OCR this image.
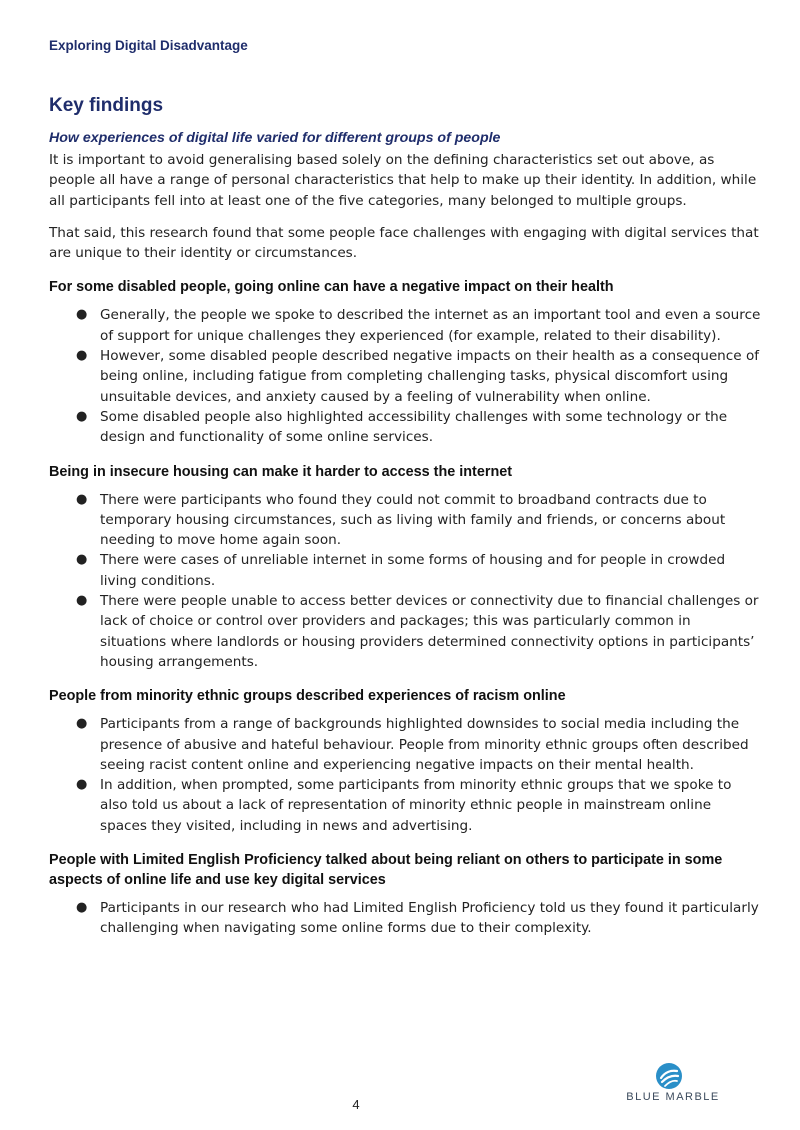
Exploring Digital Disadvantage
Key findings
How experiences of digital life varied for different groups of people

It is important to avoid generalising based solely on the defining characteristics set out above, as people all have a range of personal characteristics that help to make up their identity. In addition, while all participants fell into at least one of the five categories, many belonged to multiple groups.

That said, this research found that some people face challenges with engaging with digital services that are unique to their identity or circumstances.

For some disabled people, going online can have a negative impact on their health
● Generally, the people we spoke to described the internet as an important tool and even a source of support for unique challenges they experienced (for example, related to their disability).
● However, some disabled people described negative impacts on their health as a consequence of being online, including fatigue from completing challenging tasks, physical discomfort using unsuitable devices, and anxiety caused by a feeling of vulnerability when online.
● Some disabled people also highlighted accessibility challenges with some technology or the design and functionality of some online services.
Being in insecure housing can make it harder to access the internet
● There were participants who found they could not commit to broadband contracts due to temporary housing circumstances, such as living with family and friends, or concerns about needing to move home again soon.
● There were cases of unreliable internet in some forms of housing and for people in crowded living conditions.
● There were people unable to access better devices or connectivity due to financial challenges or lack of choice or control over providers and packages; this was particularly common in situations where landlords or housing providers determined connectivity options in participants’ housing arrangements.
People from minority ethnic groups described experiences of racism online
● Participants from a range of backgrounds highlighted downsides to social media including the presence of abusive and hateful behaviour. People from minority ethnic groups often described seeing racist content online and experiencing negative impacts on their mental health.
● In addition, when prompted, some participants from minority ethnic groups that we spoke to also told us about a lack of representation of minority ethnic people in mainstream online spaces they visited, including in news and advertising.
People with Limited English Proficiency talked about being reliant on others to participate in some aspects of online life and use key digital services
● Participants in our research who had Limited English Proficiency told us they found it particularly challenging when navigating some online forms due to their complexity.
4	BLUE MARBLE
